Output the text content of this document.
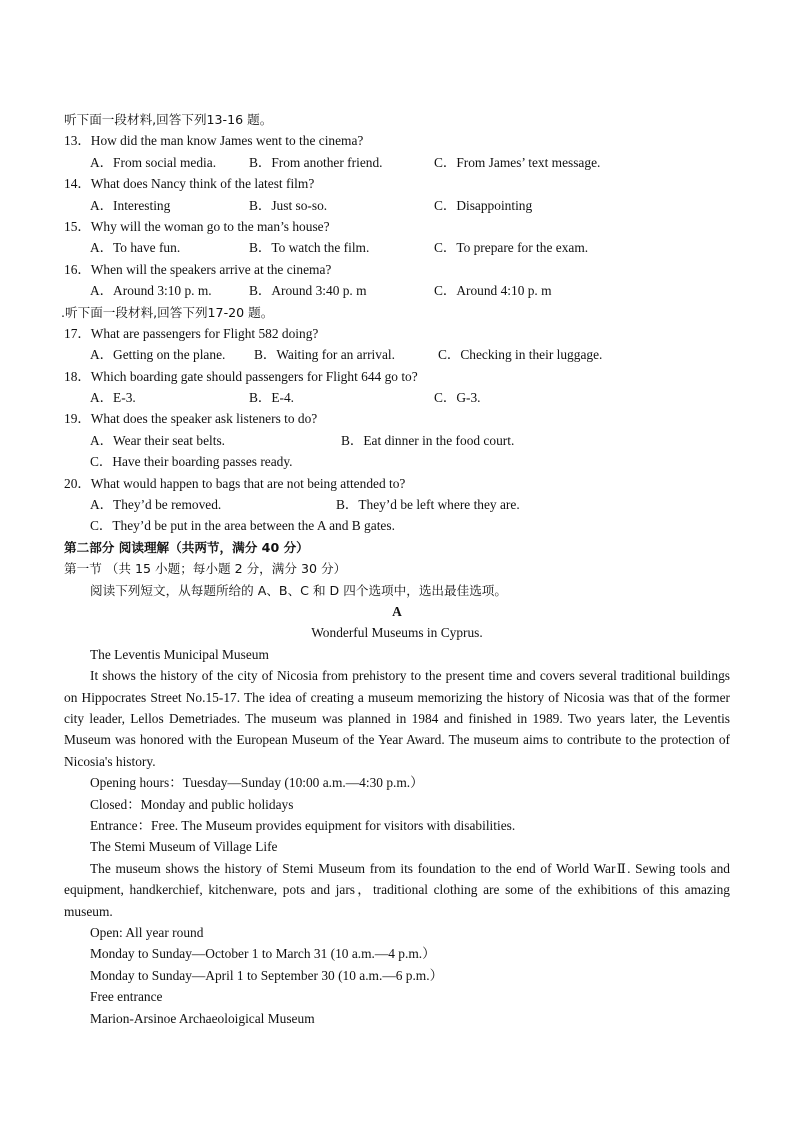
听下面一段材料,回答下列13-16 题。
13．How did the man know James went to the cinema?
A．From social media. B．From another friend.	C．From James’ text message.
14．What does Nancy think of the latest film?
A．Interesting	B．Just so-so.	C．Disappointing
15．Why will the woman go to the man’s house?
A．To have fun.	B．To watch the film.	C．To prepare for the exam.
16．When will the speakers arrive at the cinema?
A．Around 3:10 p. m.	B．Around 3:40 p. m	C．Around 4:10 p. m
.听下面一段材料,回答下列17-20 题。
17．What are passengers for Flight 582 doing?
A．Getting on the plane. B．Waiting for an arrival.	C．Checking in their luggage.
18．Which boarding gate should passengers for Flight 644 go to?
A．E-3.	B．E-4.	C．G-3.
19．What does the speaker ask listeners to do?
A．Wear their seat belts.	B．Eat dinner in the food court.
C．Have their boarding passes ready.
20．What would happen to bags that are not being attended to?
A．They’d be removed.	B．They’d be left where they are.
C．They’d be put in the area between the A and B gates.
第二部分 阅读理解（共两节，满分 40 分）
第一节 （共 15 小题；每小题 2 分，满分 30 分）
阅读下列短文，从每题所给的 A、B、C 和 D 四个选项中，选出最佳选项。
A
Wonderful Museums in Cyprus.
The Leventis Municipal Museum
It shows the history of the city of Nicosia from prehistory to the present time and covers several traditional buildings on Hippocrates Street No.15-17. The idea of creating a museum memorizing the history of Nicosia was that of the former city leader, Lellos Demetriades. The museum was planned in 1984 and finished in 1989. Two years later, the Leventis Museum was honored with the European Museum of the Year Award. The museum aims to contribute to the protection of Nicosia's history.
Opening hours：Tuesday—Sunday (10:00 a.m.—4:30 p.m.）
Closed：Monday and public holidays
Entrance：Free. The Museum provides equipment for visitors with disabilities.
The Stemi Museum of Village Life
The museum shows the history of Stemi Museum from its foundation to the end of World WarⅡ. Sewing tools and equipment, handkerchief, kitchenware, pots and jars，traditional clothing are some of the exhibitions of this amazing museum.
Open: All year round
Monday to Sunday—October 1 to March 31 (10 a.m.—4 p.m.）
Monday to Sunday—April 1 to September 30 (10 a.m.—6 p.m.）
Free entrance
Marion-Arsinoe Archaeoloigical Museum
